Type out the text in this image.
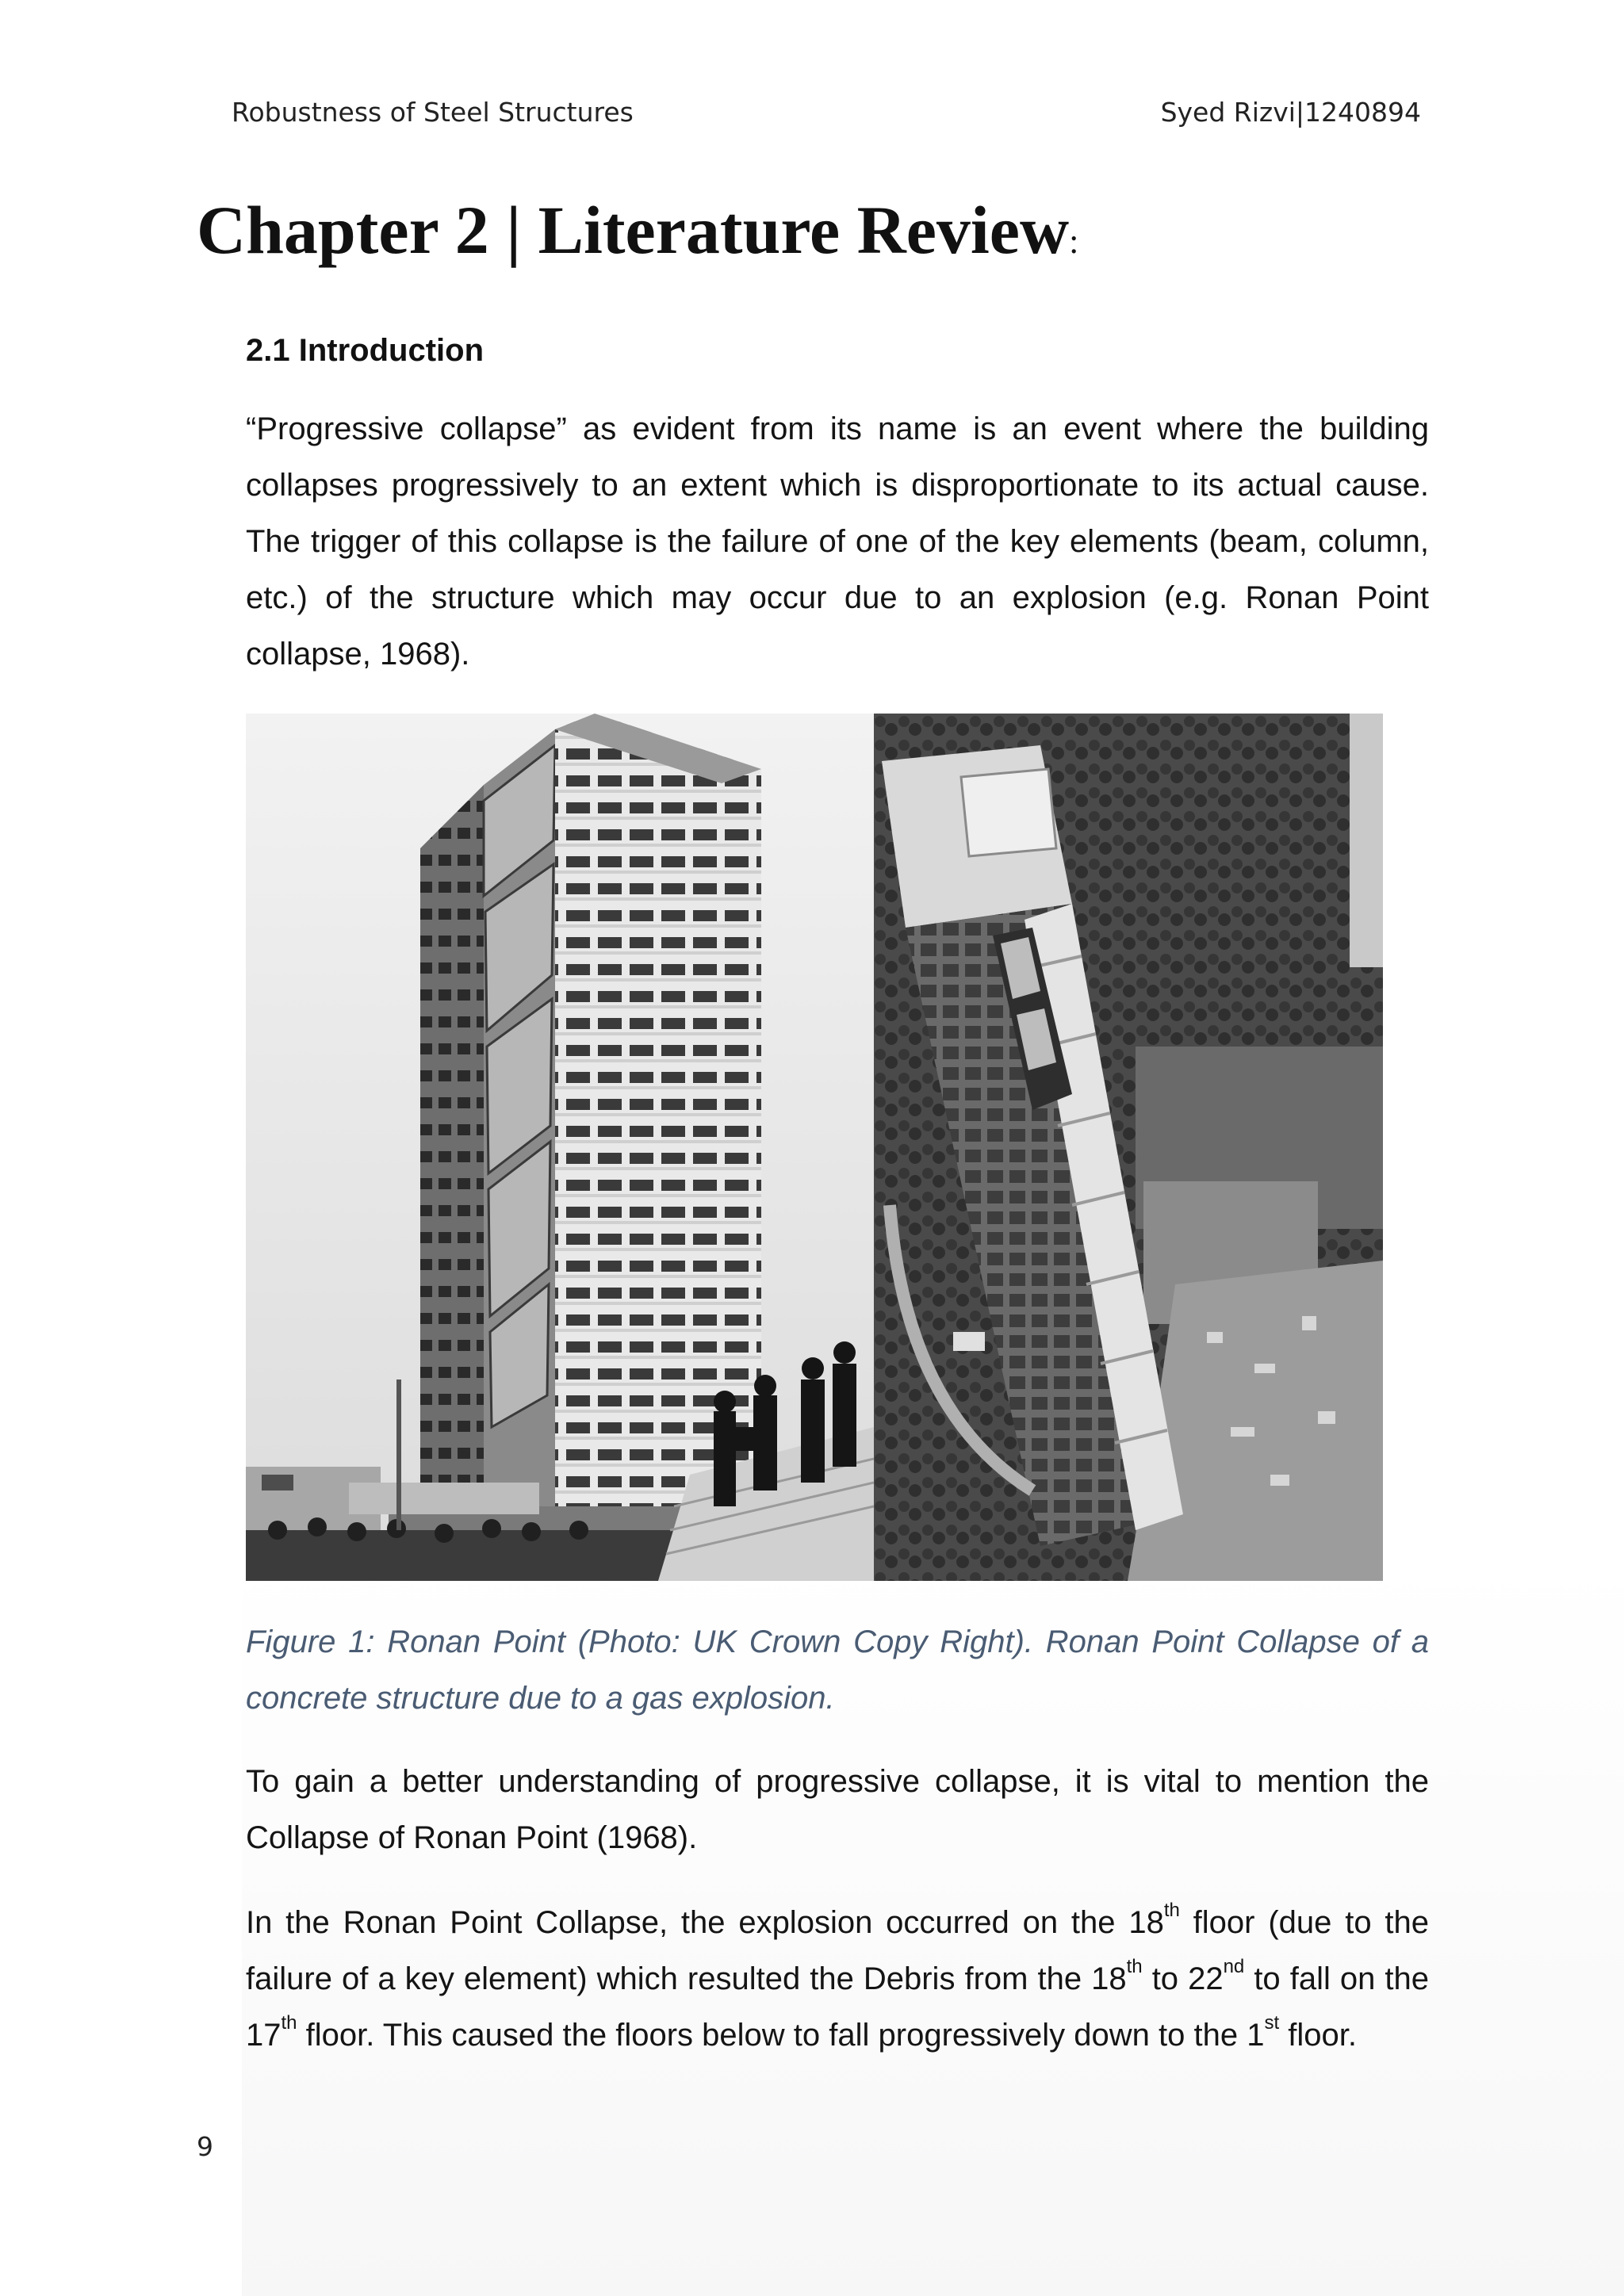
Robustness of Steel Structures	Syed Rizvi|1240894
Chapter 2 | Literature Review:
2.1 Introduction
“Progressive collapse” as evident from its name is an event where the building collapses progressively to an extent which is disproportionate to its actual cause. The trigger of this collapse is the failure of one of the key elements (beam, column, etc.) of the structure which may occur due to an explosion (e.g. Ronan Point collapse, 1968).
Figure 1: Ronan Point (Photo: UK Crown Copy Right). Ronan Point Collapse of a concrete structure due to a gas explosion.
To gain a better understanding of progressive collapse, it is vital to mention the Collapse of Ronan Point (1968).
In the Ronan Point Collapse, the explosion occurred on the 18th floor (due to the failure of a key element) which resulted the Debris from the 18th to 22nd to fall on the 17th floor. This caused the floors below to fall progressively down to the 1st floor.
9
